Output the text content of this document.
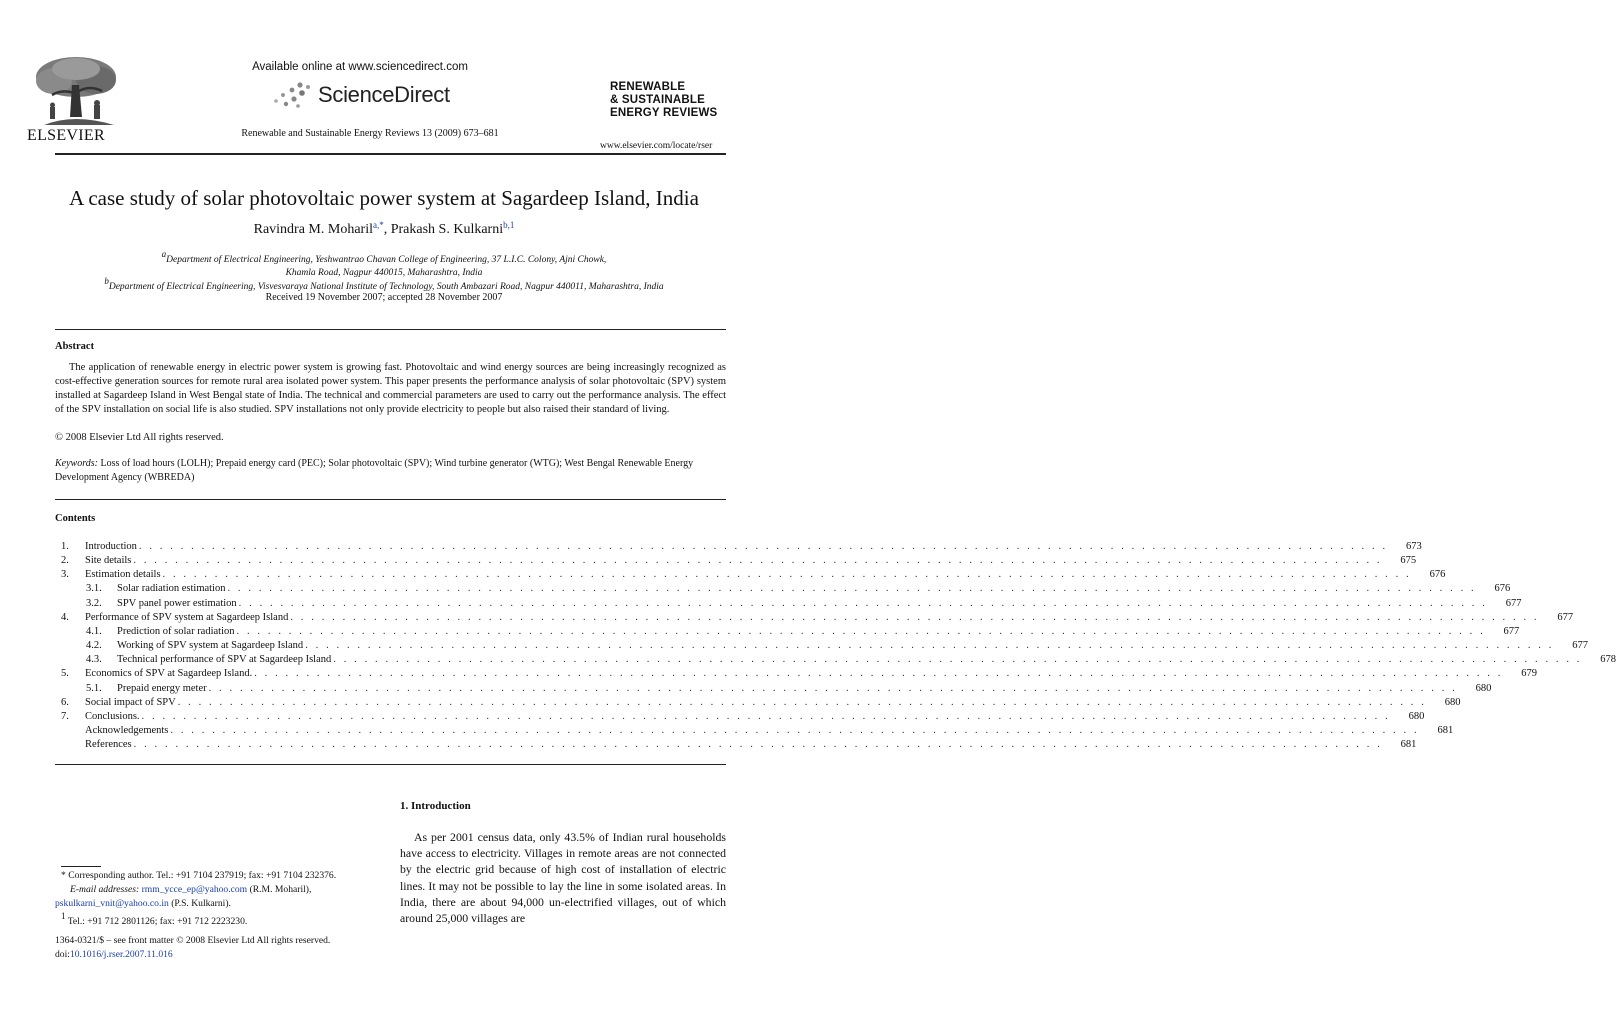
ELSEVIER
Available online at www.sciencedirect.com
ScienceDirect
Renewable and Sustainable Energy Reviews 13 (2009) 673–681
RENEWABLE
& SUSTAINABLE
ENERGY REVIEWS
www.elsevier.com/locate/rser
A case study of solar photovoltaic power system at Sagardeep Island, India
Ravindra M. Moharil$^{a,*}$, Prakash S. Kulkarni$^{b,1}$
$^a$Department of Electrical Engineering, Yeshwantrao Chavan College of Engineering, 37 L.I.C. Colony, Ajni Chowk,
Khamla Road, Nagpur 440015, Maharashtra, India
$^b$Department of Electrical Engineering, Visvesvaraya National Institute of Technology, South Ambazari Road, Nagpur 440011, Maharashtra, India
Received 19 November 2007; accepted 28 November 2007
Abstract
The application of renewable energy in electric power system is growing fast. Photovoltaic and wind energy sources are being increasingly recognized as cost-effective generation sources for remote rural area isolated power system. This paper presents the performance analysis of solar photovoltaic (SPV) system installed at Sagardeep Island in West Bengal state of India. The technical and commercial parameters are used to carry out the performance analysis. The effect of the SPV installation on social life is also studied. SPV installations not only provide electricity to people but also raised their standard of living.
© 2008 Elsevier Ltd All rights reserved.
Keywords: Loss of load hours (LOLH); Prepaid energy card (PEC); Solar photovoltaic (SPV); Wind turbine generator (WTG); West Bengal Renewable Energy Development Agency (WBREDA)
Contents
1.	Introduction . . . . . . . . . . . . . . . . . . . . . . . . . . . . . . . . . . . . . . . . . . . . . . . . . . . . . . . . . . . . . . . . . . . . . . . . . . . . . . . . . . . . . . . . . . . . . . . . . . . . . . . . . . . . . . . . . . . . . . . .	673
2.	Site details . . . . . . . . . . . . . . . . . . . . . . . . . . . . . . . . . . . . . . . . . . . . . . . . . . . . . . . . . . . . . . . . . . . . . . . . . . . . . . . . . . . . . . . . . . . . . . . . . . . . . . . . . . . . . . . . . . . . . . . .	675
3.	Estimation details . . . . . . . . . . . . . . . . . . . . . . . . . . . . . . . . . . . . . . . . . . . . . . . . . . . . . . . . . . . . . . . . . . . . . . . . . . . . . . . . . . . . . . . . . . . . . . . . . . . . . . . . . . . . . . . . . . . . . . . .	676
3.1.	Solar radiation estimation . . . . . . . . . . . . . . . . . . . . . . . . . . . . . . . . . . . . . . . . . . . . . . . . . . . . . . . . . . . . . . . . . . . . . . . . . . . . . . . . . . . . . . . . . . . . . . . . . . . . . . . . . . . . . . . . . . . . . . . .	676
3.2.	SPV panel power estimation . . . . . . . . . . . . . . . . . . . . . . . . . . . . . . . . . . . . . . . . . . . . . . . . . . . . . . . . . . . . . . . . . . . . . . . . . . . . . . . . . . . . . . . . . . . . . . . . . . . . . . . . . . . . . . . . . . . . . . . .	677
4.	Performance of SPV system at Sagardeep Island . . . . . . . . . . . . . . . . . . . . . . . . . . . . . . . . . . . . . . . . . . . . . . . . . . . . . . . . . . . . . . . . . . . . . . . . . . . . . . . . . . . . . . . . . . . . . . . . . . . . . . . . . . . . . . . . . . . . . . . .	677
4.1.	Prediction of solar radiation . . . . . . . . . . . . . . . . . . . . . . . . . . . . . . . . . . . . . . . . . . . . . . . . . . . . . . . . . . . . . . . . . . . . . . . . . . . . . . . . . . . . . . . . . . . . . . . . . . . . . . . . . . . . . . . . . . . . . . . .	677
4.2.	Working of SPV system at Sagardeep Island . . . . . . . . . . . . . . . . . . . . . . . . . . . . . . . . . . . . . . . . . . . . . . . . . . . . . . . . . . . . . . . . . . . . . . . . . . . . . . . . . . . . . . . . . . . . . . . . . . . . . . . . . . . . . . . . . . . . . . . .	677
4.3.	Technical performance of SPV at Sagardeep Island . . . . . . . . . . . . . . . . . . . . . . . . . . . . . . . . . . . . . . . . . . . . . . . . . . . . . . . . . . . . . . . . . . . . . . . . . . . . . . . . . . . . . . . . . . . . . . . . . . . . . . . . . . . . . . . . . . . . . . . .	678
5.	Economics of SPV at Sagardeep Island. . . . . . . . . . . . . . . . . . . . . . . . . . . . . . . . . . . . . . . . . . . . . . . . . . . . . . . . . . . . . . . . . . . . . . . . . . . . . . . . . . . . . . . . . . . . . . . . . . . . . . . . . . . . . . . . . . . . . . . . .	679
5.1.	Prepaid energy meter . . . . . . . . . . . . . . . . . . . . . . . . . . . . . . . . . . . . . . . . . . . . . . . . . . . . . . . . . . . . . . . . . . . . . . . . . . . . . . . . . . . . . . . . . . . . . . . . . . . . . . . . . . . . . . . . . . . . . . . .	680
6.	Social impact of SPV . . . . . . . . . . . . . . . . . . . . . . . . . . . . . . . . . . . . . . . . . . . . . . . . . . . . . . . . . . . . . . . . . . . . . . . . . . . . . . . . . . . . . . . . . . . . . . . . . . . . . . . . . . . . . . . . . . . . . . . .	680
7.	Conclusions. . . . . . . . . . . . . . . . . . . . . . . . . . . . . . . . . . . . . . . . . . . . . . . . . . . . . . . . . . . . . . . . . . . . . . . . . . . . . . . . . . . . . . . . . . . . . . . . . . . . . . . . . . . . . . . . . . . . . . . . .	680
Acknowledgements . . . . . . . . . . . . . . . . . . . . . . . . . . . . . . . . . . . . . . . . . . . . . . . . . . . . . . . . . . . . . . . . . . . . . . . . . . . . . . . . . . . . . . . . . . . . . . . . . . . . . . . . . . . . . . . . . . . . . . . .	681
References . . . . . . . . . . . . . . . . . . . . . . . . . . . . . . . . . . . . . . . . . . . . . . . . . . . . . . . . . . . . . . . . . . . . . . . . . . . . . . . . . . . . . . . . . . . . . . . . . . . . . . . . . . . . . . . . . . . . . . . .	681
1. Introduction
As per 2001 census data, only 43.5% of Indian rural households have access to electricity. Villages in remote areas are not connected by the electric grid because of high cost of installation of electric lines. It may not be possible to lay the line in some isolated areas. In India, there are about 94,000 un-electrified villages, out of which around 25,000 villages are
* Corresponding author. Tel.: +91 7104 237919; fax: +91 7104 232376.
E-mail addresses: rmm_ycce_ep@yahoo.com (R.M. Moharil),
pskulkarni_vnit@yahoo.co.in (P.S. Kulkarni).
$^1$ Tel.: +91 712 2801126; fax: +91 712 2223230.
1364-0321/$ – see front matter © 2008 Elsevier Ltd All rights reserved.
doi:10.1016/j.rser.2007.11.016
